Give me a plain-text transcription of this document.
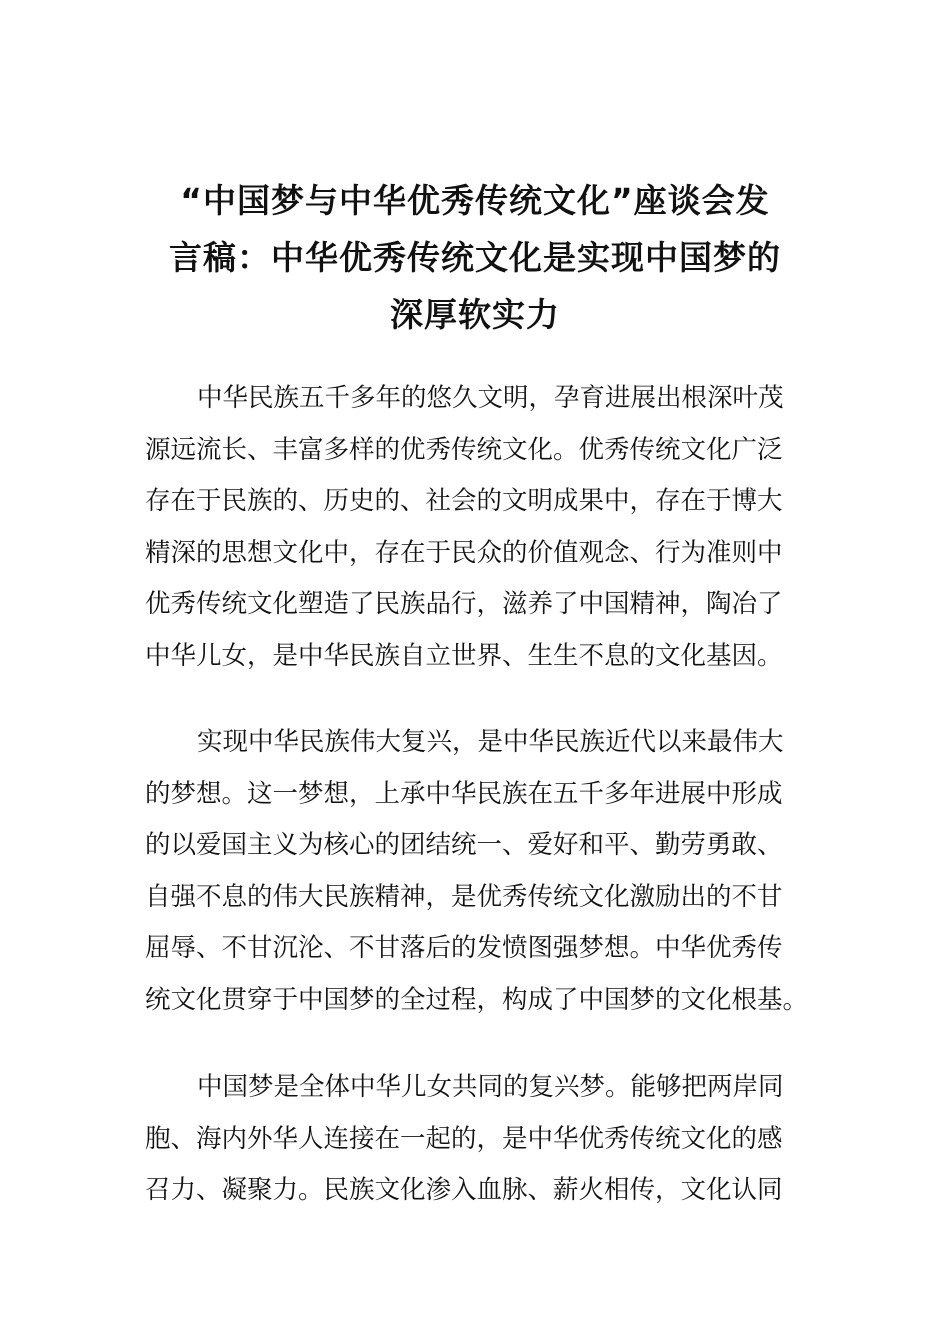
“中国梦与中华优秀传统文化”座谈会发
言稿：中华优秀传统文化是实现中国梦的
深厚软实力
中华民族五千多年的悠久文明，孕育进展出根深叶茂
源远流长、丰富多样的优秀传统文化。优秀传统文化广泛
存在于民族的、历史的、社会的文明成果中，存在于博大
精深的思想文化中，存在于民众的价值观念、行为准则中
优秀传统文化塑造了民族品行，滋养了中国精神，陶冶了
中华儿女，是中华民族自立世界、生生不息的文化基因。
实现中华民族伟大复兴，是中华民族近代以来最伟大
的梦想。这一梦想，上承中华民族在五千多年进展中形成
的以爱国主义为核心的团结统一、爱好和平、勤劳勇敢、
自强不息的伟大民族精神，是优秀传统文化激励出的不甘
屈辱、不甘沉沦、不甘落后的发愤图强梦想。中华优秀传
统文化贯穿于中国梦的全过程，构成了中国梦的文化根基。
中国梦是全体中华儿女共同的复兴梦。能够把两岸同
胞、海内外华人连接在一起的，是中华优秀传统文化的感
召力、凝聚力。民族文化渗入血脉、薪火相传，文化认同
